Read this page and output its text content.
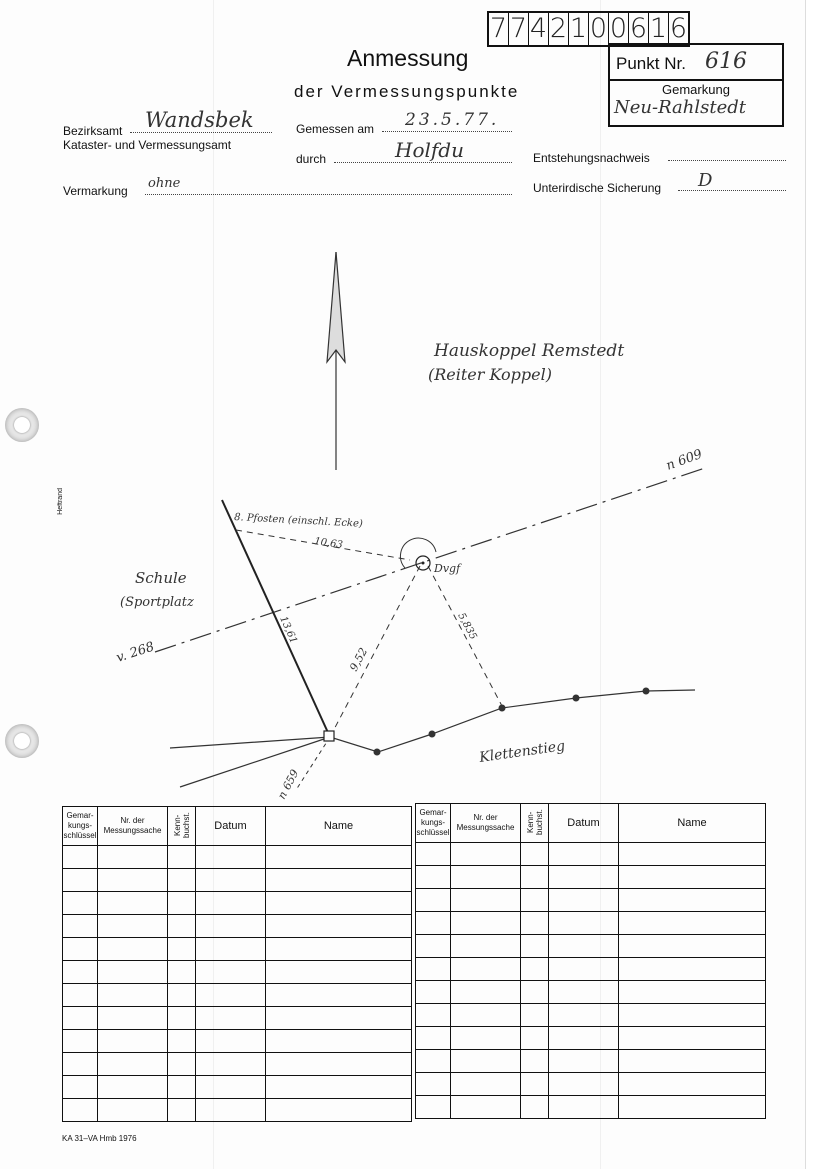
Heftrand
Anmessung
der Vermessungspunkte
7 7 4 2 1 0 0 6 1 6
Punkt Nr. 616
Gemarkung
Neu-Rahlstedt
Bezirksamt Wandsbek
Kataster- und Vermessungsamt
Gemessen am 23.5.77.
durch	Holfdu	Entstehungsnachweis
Vermarkung ohne	Unterirdische Sicherung D
Hauskoppel Remstedt
(Reiter Koppel)
Schule
(Sportplatz
8. Pfosten (einschl. Ecke)
10,63
13,61
9,52
5,835
Dvgf
n 609
v. 268
n 659
Klettenstieg
Gemar-kungs-schlüssel	Nr. der Messungssache	Kenn-buchst.	Datum	Name

Gemar-kungs-schlüssel	Nr. der Messungssache	Kenn-buchst.	Datum	Name

KA 31–VA Hmb 1976
